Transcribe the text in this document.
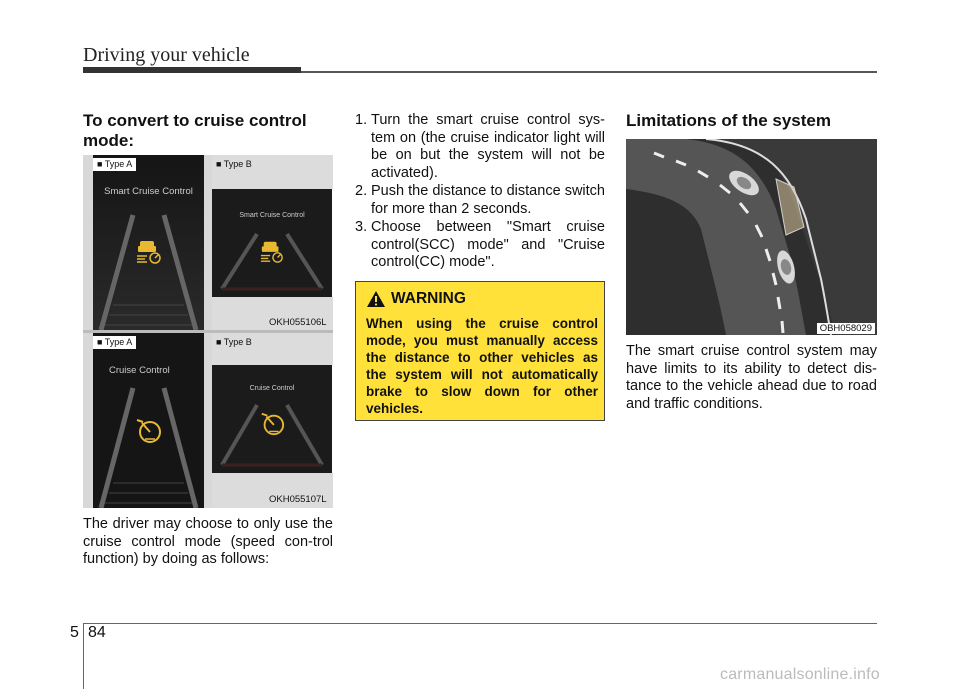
Driving your vehicle
To convert to cruise control mode:
Smart Cruise Control
■ Type A
Smart Cruise Control
■ Type B
OKH055106L
Cruise Control
■ Type A
Cruise Control
■ Type B
OKH055107L
The driver may choose to only use the cruise control mode (speed con-trol function) by doing as follows:
1. Turn the smart cruise control sys-tem on (the cruise indicator light will be on but the system will not be activated).
2. Push the distance to distance switch for more than 2 seconds.
3. Choose between "Smart cruise control(SCC) mode" and "Cruise control(CC) mode".
WARNING
When using the cruise control mode, you must manually access the distance to other vehicles as the system will not automatically brake to slow down for other vehicles.
Limitations of the system
OBH058029
The smart cruise control system may have limits to its ability to detect dis-tance to the vehicle ahead due to road and traffic conditions.
5 84
carmanualsonline.info
